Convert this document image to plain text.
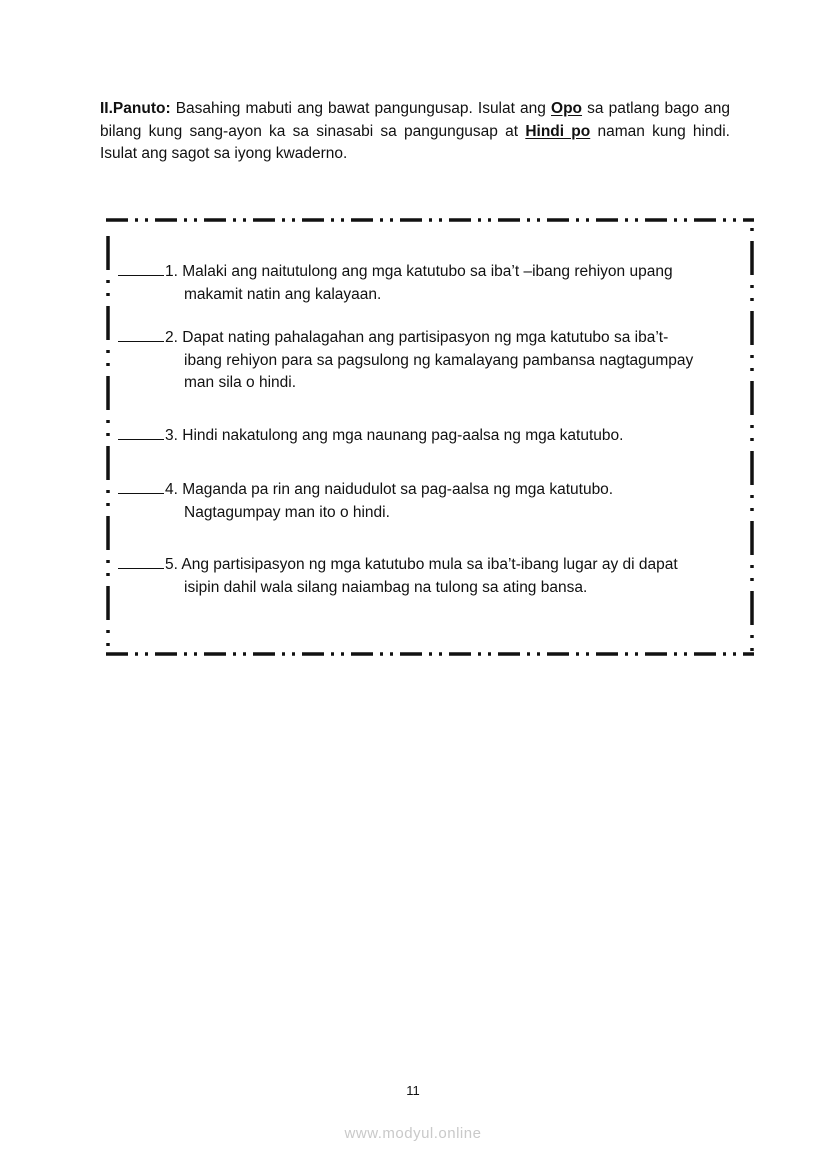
II.Panuto: Basahing mabuti ang bawat pangungusap. Isulat ang Opo sa patlang bago ang bilang kung sang-ayon ka sa sinasabi sa pangungusap at Hindi po naman kung hindi. Isulat ang sagot sa iyong kwaderno.
1. Malaki ang naitutulong ang mga katutubo sa iba’t –ibang rehiyon upang
makamit natin ang kalayaan.
2. Dapat nating pahalagahan ang partisipasyon ng mga katutubo sa iba’t-
ibang rehiyon para sa pagsulong ng kamalayang pambansa nagtagumpay
man sila o hindi.
3. Hindi nakatulong ang mga naunang pag-aalsa ng mga katutubo.
4. Maganda pa rin ang naidudulot sa pag-aalsa ng mga katutubo.
Nagtagumpay man ito o hindi.
5. Ang partisipasyon ng mga katutubo mula sa iba’t-ibang lugar ay di dapat
isipin dahil wala silang naiambag na tulong sa ating bansa.
11
www.modyul.online
